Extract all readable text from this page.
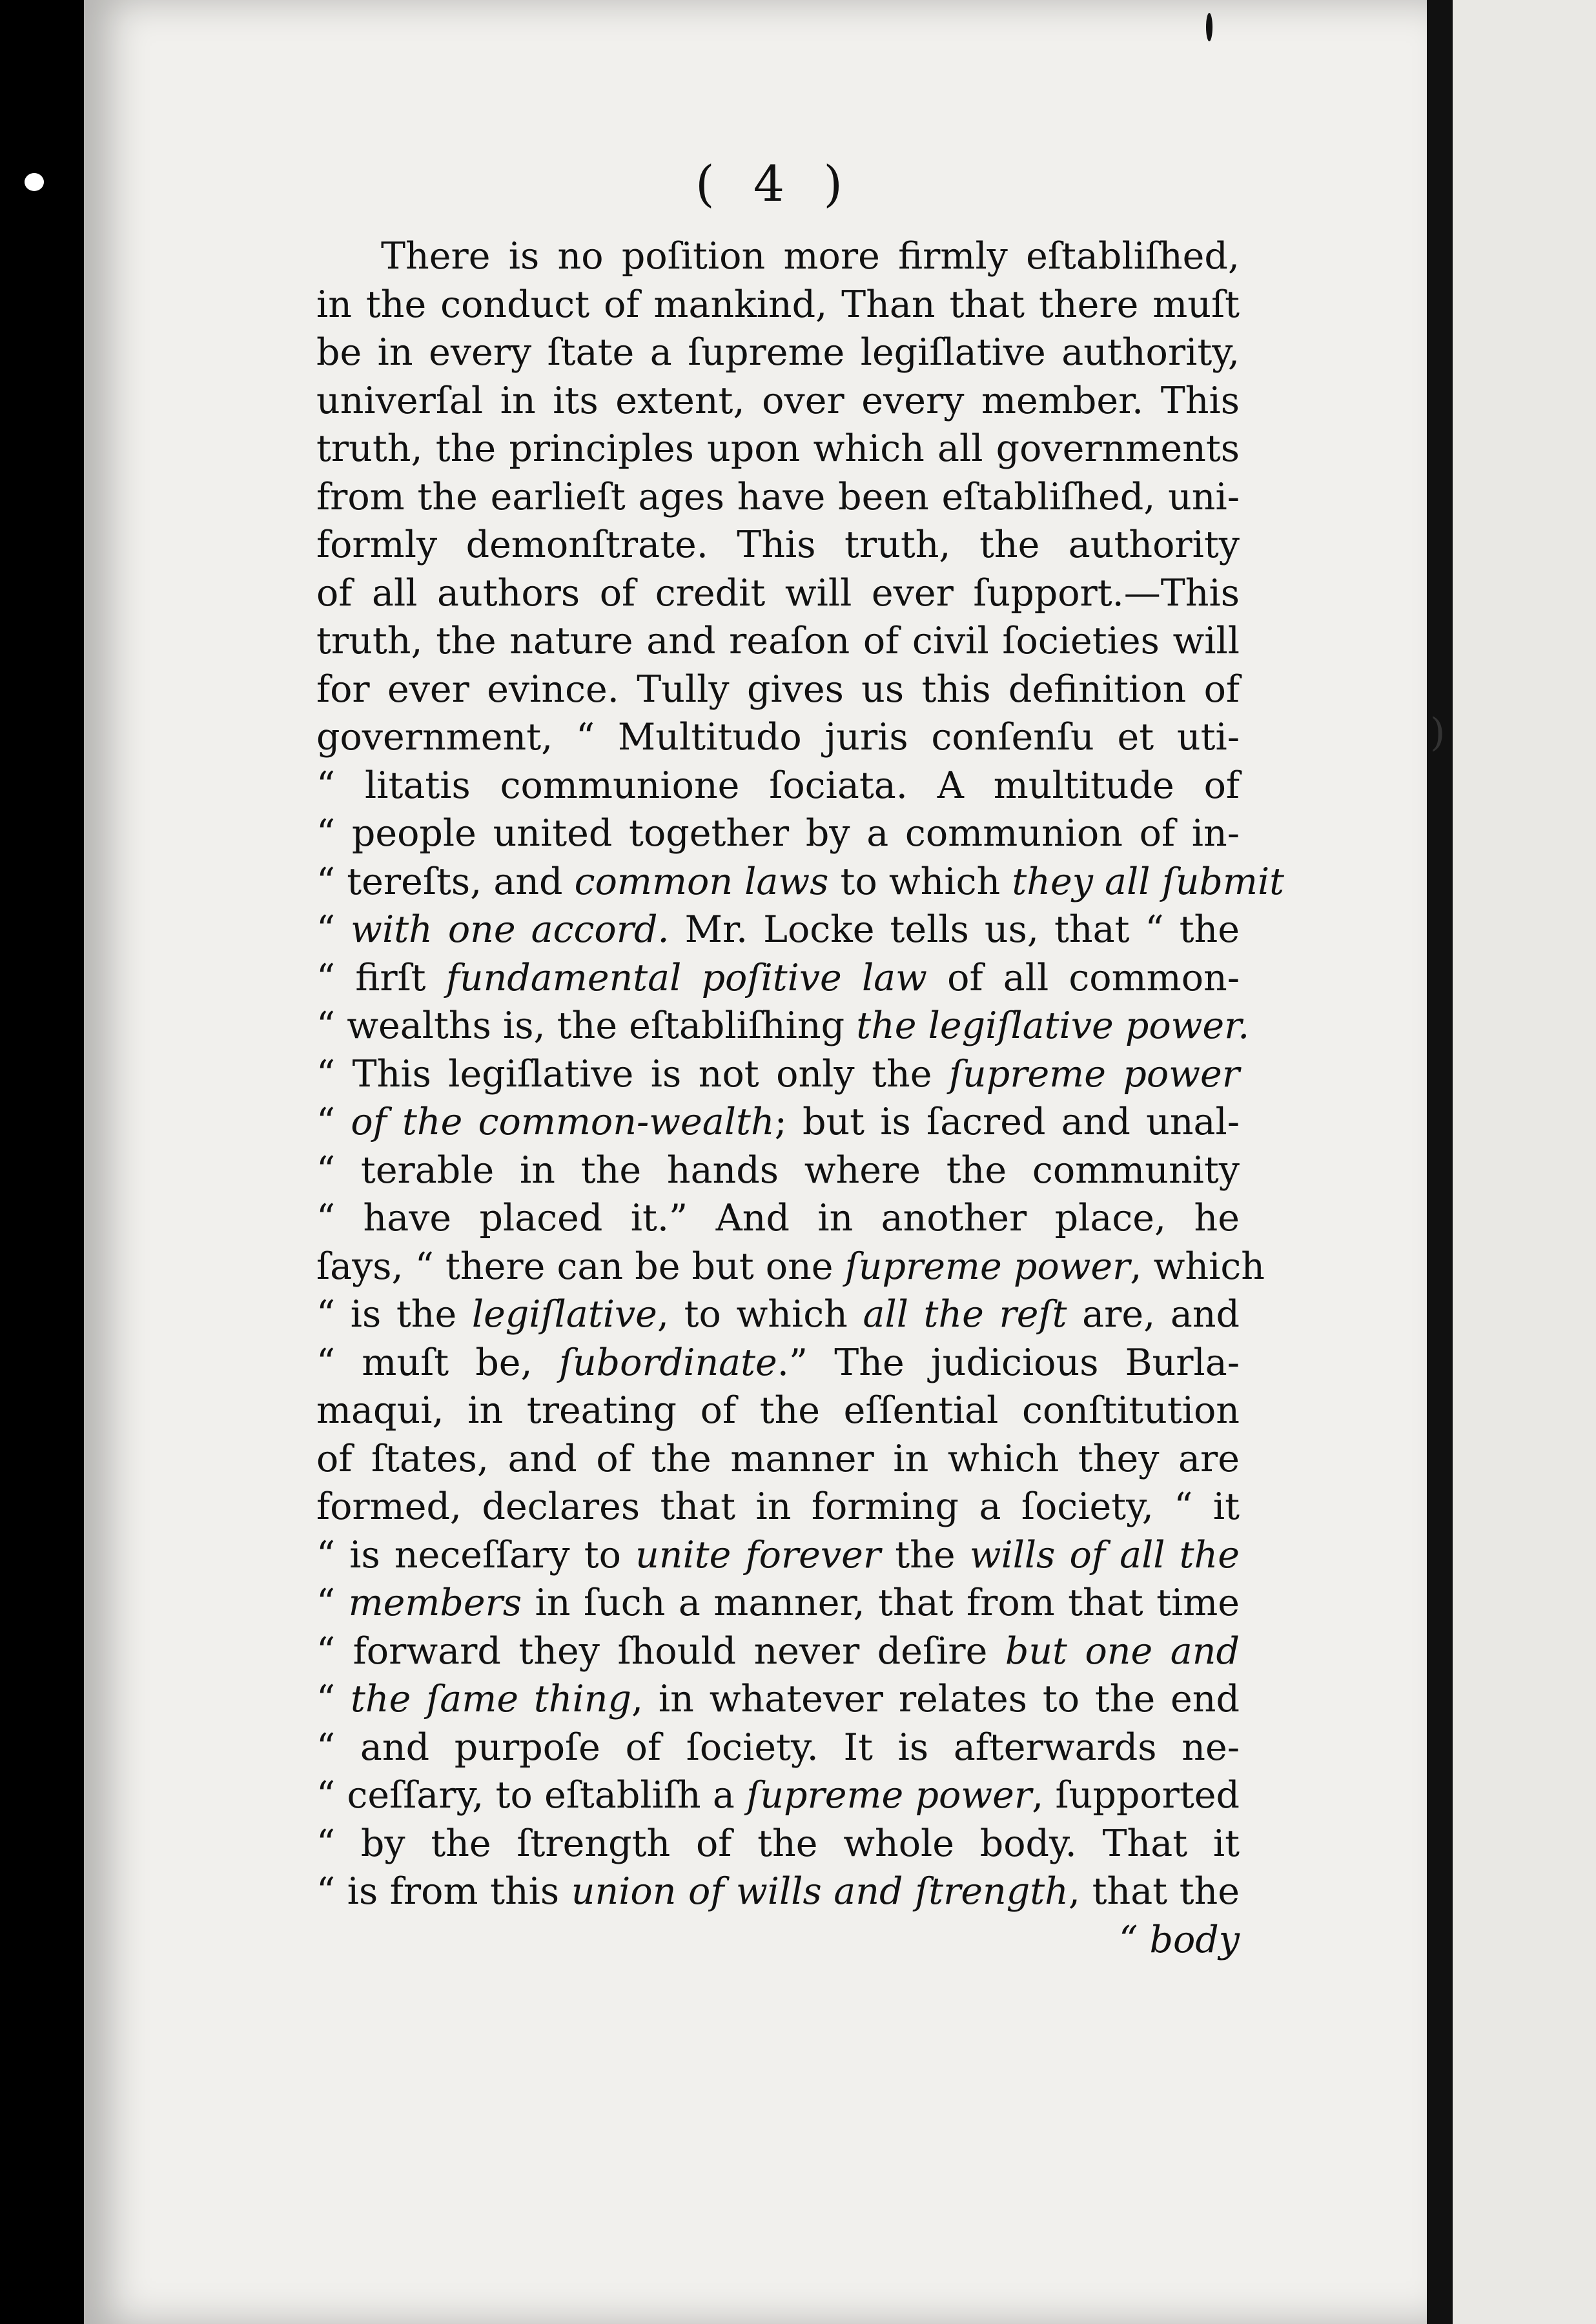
)
( 4 )
There is no poſition more firmly eſtabliſhed,
in the conduct of mankind, Than that there muſt
be in every ſtate a ſupreme legiſlative authority,
univerſal in its extent, over every member. This
truth, the principles upon which all governments
from the earlieſt ages have been eſtabliſhed, uni-
formly demonſtrate. This truth, the authority
of all authors of credit will ever ſupport.—This
truth, the nature and reaſon of civil ſocieties will
for ever evince. Tully gives us this definition of
government, “ Multitudo juris conſenſu et uti-
“ litatis communione ſociata. A multitude of
“ people united together by a communion of in-
“ tereſts, and common laws to which they all ſubmit
“ with one accord. Mr. Locke tells us, that “ the
“ firſt fundamental poſitive law of all common-
“ wealths is, the eſtabliſhing the legiſlative power.
“ This legiſlative is not only the ſupreme power
“ of the common-wealth; but is ſacred and unal-
“ terable in the hands where the community
“ have placed it.” And in another place, he
ſays, “ there can be but one ſupreme power, which
“ is the legiſlative, to which all the reſt are, and
“ muſt be, ſubordinate.” The judicious Burla-
maqui, in treating of the eſſential conſtitution
of ſtates, and of the manner in which they are
formed, declares that in forming a ſociety, “ it
“ is neceſſary to unite forever the wills of all the
“ members in ſuch a manner, that from that time
“ forward they ſhould never deſire but one and
“ the ſame thing, in whatever relates to the end
“ and purpoſe of ſociety. It is afterwards ne-
“ ceſſary, to eſtabliſh a ſupreme power, ſupported
“ by the ſtrength of the whole body. That it
“ is from this union of wills and ſtrength, that the
“ body
